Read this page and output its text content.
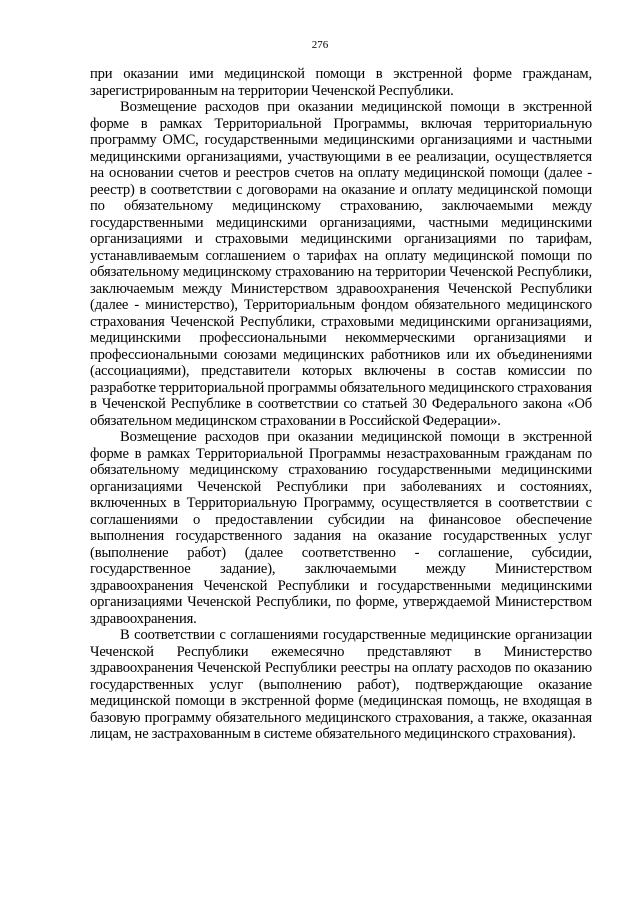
276

при оказании ими медицинской помощи в экстренной форме гражданам, зарегистрированным на территории Чеченской Республики.

Возмещение расходов при оказании медицинской помощи в экстренной форме в рамках Территориальной Программы, включая территориальную программу ОМС, государственными медицинскими организациями и частными медицинскими организациями, участвующими в ее реализации, осуществляется на основании счетов и реестров счетов на оплату медицинской помощи (далее - реестр) в соответствии с договорами на оказание и оплату медицинской помощи по обязательному медицинскому страхованию, заключаемыми между государственными медицинскими организациями, частными медицинскими организациями и страховыми медицинскими организациями по тарифам, устанавливаемым соглашением о тарифах на оплату медицинской помощи по обязательному медицинскому страхованию на территории Чеченской Республики, заключаемым между Министерством здравоохранения Чеченской Республики (далее - министерство), Территориальным фондом обязательного медицинского страхования Чеченской Республики, страховыми медицинскими организациями, медицинскими профессиональными некоммерческими организациями и профессиональными союзами медицинских работников или их объединениями (ассоциациями), представители которых включены в состав комиссии по разработке территориальной программы обязательного медицинского страхования в Чеченской Республике в соответствии со статьей 30 Федерального закона «Об обязательном медицинском страховании в Российской Федерации».

Возмещение расходов при оказании медицинской помощи в экстренной форме в рамках Территориальной Программы незастрахованным гражданам по обязательному медицинскому страхованию государственными медицинскими организациями Чеченской Республики при заболеваниях и состояниях, включенных в Территориальную Программу, осуществляется в соответствии с соглашениями о предоставлении субсидии на финансовое обеспечение выполнения государственного задания на оказание государственных услуг (выполнение работ) (далее соответственно - соглашение, субсидии, государственное задание), заключаемыми между Министерством здравоохранения Чеченской Республики и государственными медицинскими организациями Чеченской Республики, по форме, утверждаемой Министерством здравоохранения.

В соответствии с соглашениями государственные медицинские организации Чеченской Республики ежемесячно представляют в Министерство здравоохранения Чеченской Республики реестры на оплату расходов по оказанию государственных услуг (выполнению работ), подтверждающие оказание медицинской помощи в экстренной форме (медицинская помощь, не входящая в базовую программу обязательного медицинского страхования, а также, оказанная лицам, не застрахованным в системе обязательного медицинского страхования).
